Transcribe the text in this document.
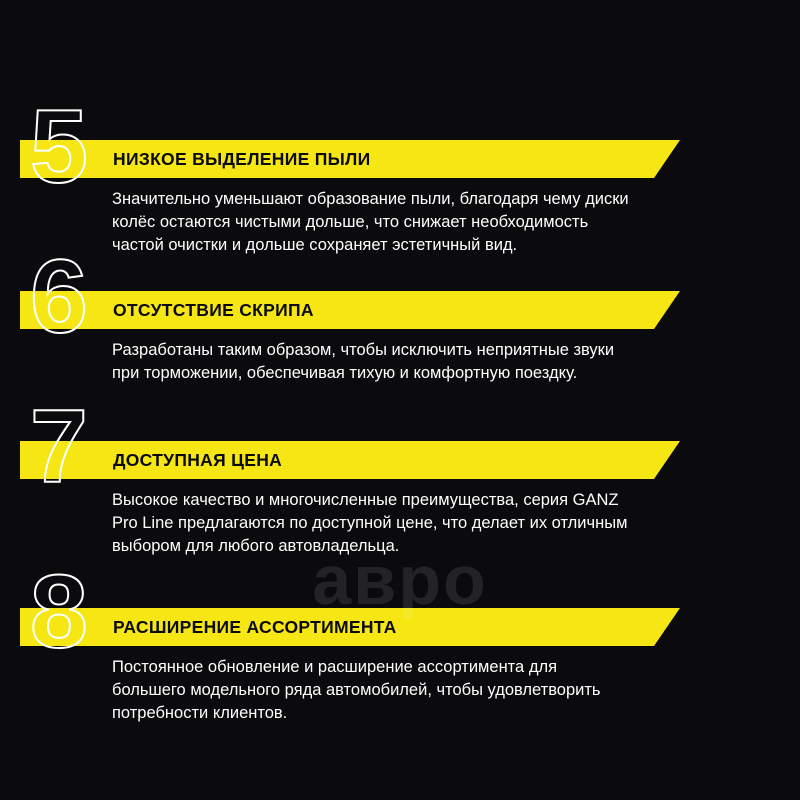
авро
5 НИЗКОЕ ВЫДЕЛЕНИЕ ПЫЛИ
Значительно уменьшают образование пыли, благодаря чему диски колёс остаются чистыми дольше, что снижает необходимость частой очистки и дольше сохраняет эстетичный вид.
6 ОТСУТСТВИЕ СКРИПА
Разработаны таким образом, чтобы исключить неприятные звуки при торможении, обеспечивая тихую и комфортную поездку.
7 ДОСТУПНАЯ ЦЕНА
Высокое качество и многочисленные преимущества, серия GANZ Pro Line предлагаются по доступной цене, что делает их отличным выбором для любого автовладельца.
8 РАСШИРЕНИЕ АССОРТИМЕНТА
Постоянное обновление и расширение ассортимента для большего модельного ряда автомобилей, чтобы удовлетворить потребности клиентов.
